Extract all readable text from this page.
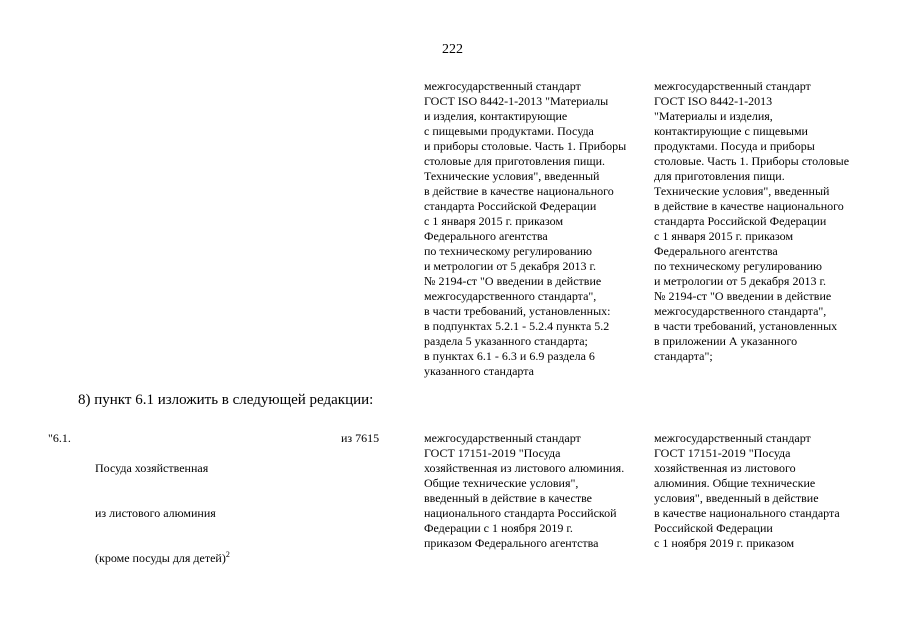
222
межгосударственный стандарт
ГОСТ ISO 8442-1-2013 "Материалы
и изделия, контактирующие
с пищевыми продуктами. Посуда
и приборы столовые. Часть 1. Приборы
столовые для приготовления пищи.
Технические условия", введенный
в действие в качестве национального
стандарта Российской Федерации
с 1 января 2015 г. приказом
Федерального агентства
по техническому регулированию
и метрологии от 5 декабря 2013 г.
№ 2194-ст "О введении в действие
межгосударственного стандарта",
в части требований, установленных:
в подпунктах 5.2.1 - 5.2.4 пункта 5.2
раздела 5 указанного стандарта;
в пунктах 6.1 - 6.3 и 6.9 раздела 6
указанного стандарта
межгосударственный стандарт
ГОСТ ISO 8442-1-2013
"Материалы и изделия,
контактирующие с пищевыми
продуктами. Посуда и приборы
столовые. Часть 1. Приборы столовые
для приготовления пищи.
Технические условия", введенный
в действие в качестве национального
стандарта Российской Федерации
с 1 января 2015 г. приказом
Федерального агентства
по техническому регулированию
и метрологии от 5 декабря 2013 г.
№ 2194-ст "О введении в действие
межгосударственного стандарта",
в части требований, установленных
в приложении А указанного
стандарта";
8) пункт 6.1 изложить в следующей редакции:
"6.1.

Посуда хозяйственная

из листового алюминия

(кроме посуды для детей)$^2$

из 7615	межгосударственный стандарт
ГОСТ 17151-2019 "Посуда
хозяйственная из листового алюминия.
Общие технические условия",
введенный в действие в качестве
национального стандарта Российской
Федерации с 1 ноября 2019 г.
приказом Федерального агентства
межгосударственный стандарт
ГОСТ 17151-2019 "Посуда
хозяйственная из листового
алюминия. Общие технические
условия", введенный в действие
в качестве национального стандарта
Российской Федерации
с 1 ноября 2019 г. приказом
